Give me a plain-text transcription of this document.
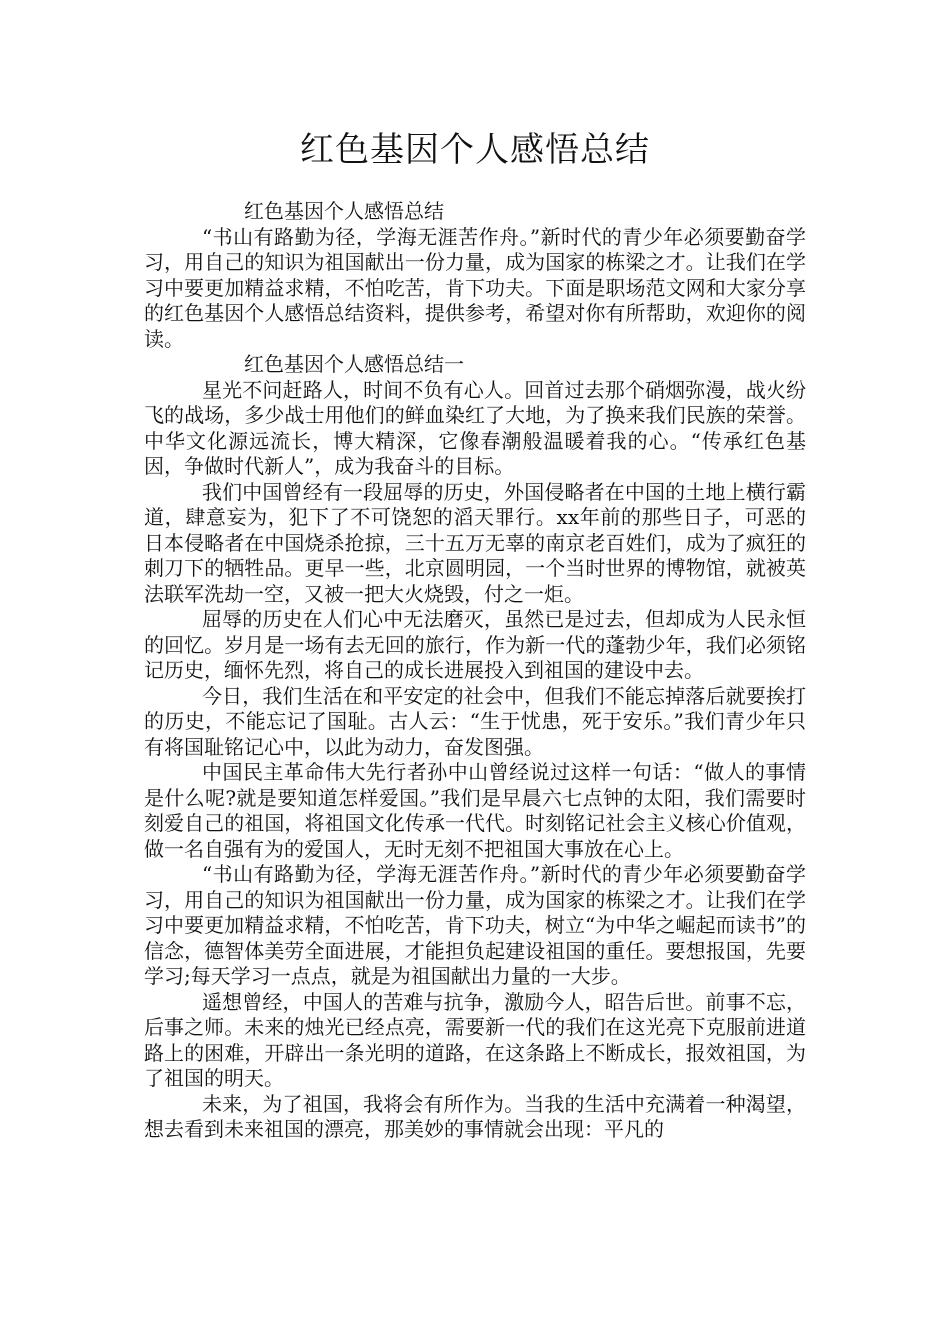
红色基因个人感悟总结

红色基因个人感悟总结

“书山有路勤为径，学海无涯苦作舟。”新时代的青少年必须要勤奋学习，用自己的知识为祖国献出一份力量，成为国家的栋梁之才。让我们在学习中要更加精益求精，不怕吃苦，肯下功夫。下面是职场范文网和大家分享的红色基因个人感悟总结资料，提供参考，希望对你有所帮助，欢迎你的阅读。

红色基因个人感悟总结一

星光不问赶路人，时间不负有心人。回首过去那个硝烟弥漫，战火纷飞的战场，多少战士用他们的鲜血染红了大地，为了换来我们民族的荣誉。中华文化源远流长，博大精深，它像春潮般温暖着我的心。“传承红色基因，争做时代新人”，成为我奋斗的目标。

我们中国曾经有一段屈辱的历史，外国侵略者在中国的土地上横行霸道，肆意妄为，犯下了不可饶恕的滔天罪行。xx年前的那些日子，可恶的日本侵略者在中国烧杀抢掠，三十五万无辜的南京老百姓们，成为了疯狂的刺刀下的牺牲品。更早一些，北京圆明园，一个当时世界的博物馆，就被英法联军洗劫一空，又被一把大火烧毁，付之一炬。

屈辱的历史在人们心中无法磨灭，虽然已是过去，但却成为人民永恒的回忆。岁月是一场有去无回的旅行，作为新一代的蓬勃少年，我们必须铭记历史，缅怀先烈，将自己的成长进展投入到祖国的建设中去。

今日，我们生活在和平安定的社会中，但我们不能忘掉落后就要挨打的历史，不能忘记了国耻。古人云：“生于忧患，死于安乐。”我们青少年只有将国耻铭记心中，以此为动力，奋发图强。

中国民主革命伟大先行者孙中山曾经说过这样一句话：“做人的事情是什么呢?就是要知道怎样爱国。”我们是早晨六七点钟的太阳，我们需要时刻爱自己的祖国，将祖国文化传承一代代。时刻铭记社会主义核心价值观，做一名自强有为的爱国人，无时无刻不把祖国大事放在心上。

“书山有路勤为径，学海无涯苦作舟。”新时代的青少年必须要勤奋学习，用自己的知识为祖国献出一份力量，成为国家的栋梁之才。让我们在学习中要更加精益求精，不怕吃苦，肯下功夫，树立“为中华之崛起而读书”的信念，德智体美劳全面进展，才能担负起建设祖国的重任。要想报国，先要学习;每天学习一点点，就是为祖国献出力量的一大步。

遥想曾经，中国人的苦难与抗争，激励今人，昭告后世。前事不忘，后事之师。未来的烛光已经点亮，需要新一代的我们在这光亮下克服前进道路上的困难，开辟出一条光明的道路，在这条路上不断成长，报效祖国，为了祖国的明天。

未来，为了祖国，我将会有所作为。当我的生活中充满着一种渴望，想去看到未来祖国的漂亮，那美妙的事情就会出现：平凡的
